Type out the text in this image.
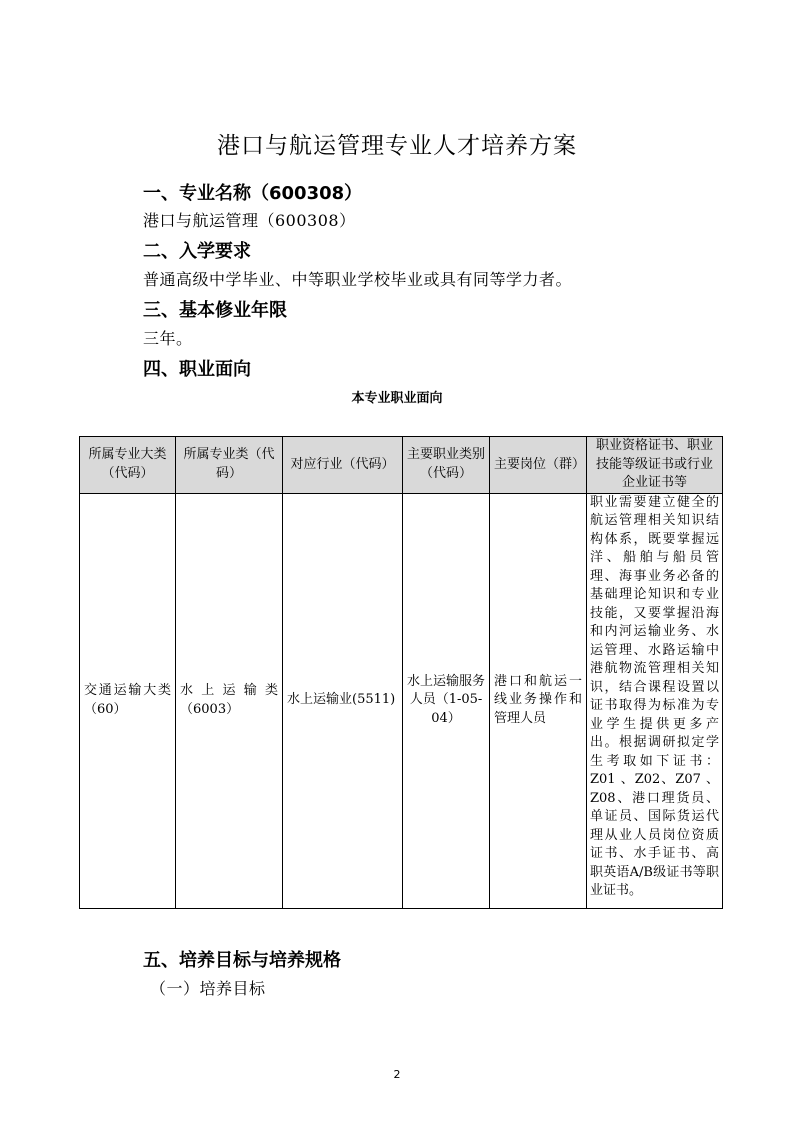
港口与航运管理专业人才培养方案
一、专业名称（600308）
港口与航运管理（600308）
二、入学要求
普通高级中学毕业、中等职业学校毕业或具有同等学力者。
三、基本修业年限
三年。
四、职业面向
本专业职业面向
所属专业大类（代码）	所属专业类（代码）	对应行业（代码）	主要职业类别（代码）	主要岗位（群）	职业资格证书、职业技能等级证书或行业企业证书等
交通运输大类（60）	水上运输类（6003）	水上运输业(5511)	水上运输服务人员（1-05-04）	港口和航运一线业务操作和管理人员	职业需要建立健全的航运管理相关知识结构体系，既要掌握远洋、船舶与船员管理、海事业务必备的基础理论知识和专业技能，又要掌握沿海和内河运输业务、水运管理、水路运输中港航物流管理相关知识，结合课程设置以证书取得为标准为专业学生提供更多产出。根据调研拟定学生考取如下证书：Z01 、Z02、Z07 、Z08、港口理货员、单证员、国际货运代理从业人员岗位资质证书、水手证书、高职英语A/B级证书等职业证书。
五、培养目标与培养规格
（一）培养目标
2
